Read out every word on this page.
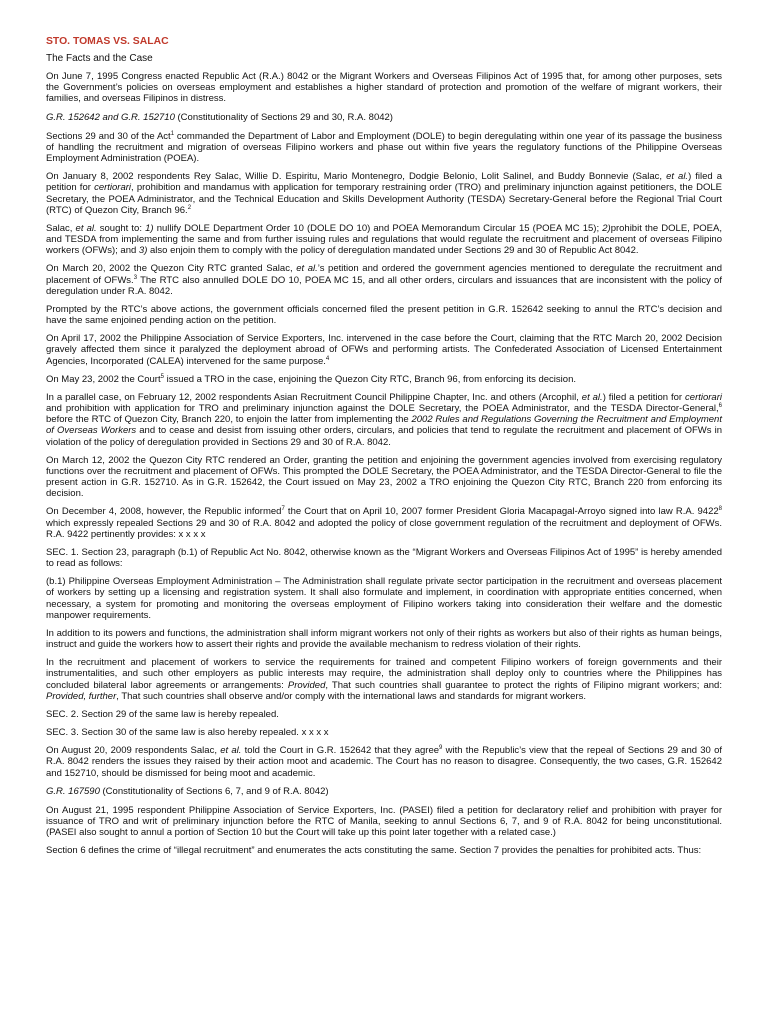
STO. TOMAS VS. SALAC
The Facts and the Case

On June 7, 1995 Congress enacted Republic Act (R.A.) 8042 or the Migrant Workers and Overseas Filipinos Act of 1995 that, for among other purposes, sets the Government’s policies on overseas employment and establishes a higher standard of protection and promotion of the welfare of migrant workers, their families, and overseas Filipinos in distress.

G.R. 152642 and G.R. 152710 (Constitutionality of Sections 29 and 30, R.A. 8042)

Sections 29 and 30 of the Act$^1$ commanded the Department of Labor and Employment (DOLE) to begin deregulating within one year of its passage the business of handling the recruitment and migration of overseas Filipino workers and phase out within five years the regulatory functions of the Philippine Overseas Employment Administration (POEA).

On January 8, 2002 respondents Rey Salac, Willie D. Espiritu, Mario Montenegro, Dodgie Belonio, Lolit Salinel, and Buddy Bonnevie (Salac, et al.) filed a petition for certiorari, prohibition and mandamus with application for temporary restraining order (TRO) and preliminary injunction against petitioners, the DOLE Secretary, the POEA Administrator, and the Technical Education and Skills Development Authority (TESDA) Secretary-General before the Regional Trial Court (RTC) of Quezon City, Branch 96.$^2$

Salac, et al. sought to: 1) nullify DOLE Department Order 10 (DOLE DO 10) and POEA Memorandum Circular 15 (POEA MC 15); 2)prohibit the DOLE, POEA, and TESDA from implementing the same and from further issuing rules and regulations that would regulate the recruitment and placement of overseas Filipino workers (OFWs); and 3) also enjoin them to comply with the policy of deregulation mandated under Sections 29 and 30 of Republic Act 8042.

On March 20, 2002 the Quezon City RTC granted Salac, et al.’s petition and ordered the government agencies mentioned to deregulate the recruitment and placement of OFWs.$^3$ The RTC also annulled DOLE DO 10, POEA MC 15, and all other orders, circulars and issuances that are inconsistent with the policy of deregulation under R.A. 8042.

Prompted by the RTC’s above actions, the government officials concerned filed the present petition in G.R. 152642 seeking to annul the RTC’s decision and have the same enjoined pending action on the petition.

On April 17, 2002 the Philippine Association of Service Exporters, Inc. intervened in the case before the Court, claiming that the RTC March 20, 2002 Decision gravely affected them since it paralyzed the deployment abroad of OFWs and performing artists. The Confederated Association of Licensed Entertainment Agencies, Incorporated (CALEA) intervened for the same purpose.$^4$

On May 23, 2002 the Court$^5$ issued a TRO in the case, enjoining the Quezon City RTC, Branch 96, from enforcing its decision.

In a parallel case, on February 12, 2002 respondents Asian Recruitment Council Philippine Chapter, Inc. and others (Arcophil, et al.) filed a petition for certiorari and prohibition with application for TRO and preliminary injunction against the DOLE Secretary, the POEA Administrator, and the TESDA Director-General,$^6$ before the RTC of Quezon City, Branch 220, to enjoin the latter from implementing the 2002 Rules and Regulations Governing the Recruitment and Employment of Overseas Workers and to cease and desist from issuing other orders, circulars, and policies that tend to regulate the recruitment and placement of OFWs in violation of the policy of deregulation provided in Sections 29 and 30 of R.A. 8042.

On March 12, 2002 the Quezon City RTC rendered an Order, granting the petition and enjoining the government agencies involved from exercising regulatory functions over the recruitment and placement of OFWs. This prompted the DOLE Secretary, the POEA Administrator, and the TESDA Director-General to file the present action in G.R. 152710. As in G.R. 152642, the Court issued on May 23, 2002 a TRO enjoining the Quezon City RTC, Branch 220 from enforcing its decision.

On December 4, 2008, however, the Republic informed$^7$ the Court that on April 10, 2007 former President Gloria Macapagal-Arroyo signed into law R.A. 9422$^8$ which expressly repealed Sections 29 and 30 of R.A. 8042 and adopted the policy of close government regulation of the recruitment and deployment of OFWs. R.A. 9422 pertinently provides: x x x x

SEC. 1. Section 23, paragraph (b.1) of Republic Act No. 8042, otherwise known as the “Migrant Workers and Overseas Filipinos Act of 1995” is hereby amended to read as follows:

(b.1) Philippine Overseas Employment Administration – The Administration shall regulate private sector participation in the recruitment and overseas placement of workers by setting up a licensing and registration system. It shall also formulate and implement, in coordination with appropriate entities concerned, when necessary, a system for promoting and monitoring the overseas employment of Filipino workers taking into consideration their welfare and the domestic manpower requirements.

In addition to its powers and functions, the administration shall inform migrant workers not only of their rights as workers but also of their rights as human beings, instruct and guide the workers how to assert their rights and provide the available mechanism to redress violation of their rights.

In the recruitment and placement of workers to service the requirements for trained and competent Filipino workers of foreign governments and their instrumentalities, and such other employers as public interests may require, the administration shall deploy only to countries where the Philippines has concluded bilateral labor agreements or arrangements: Provided, That such countries shall guarantee to protect the rights of Filipino migrant workers; and: Provided, further, That such countries shall observe and/or comply with the international laws and standards for migrant workers.

SEC. 2. Section 29 of the same law is hereby repealed.

SEC. 3. Section 30 of the same law is also hereby repealed. x x x x

On August 20, 2009 respondents Salac, et al. told the Court in G.R. 152642 that they agree$^9$ with the Republic’s view that the repeal of Sections 29 and 30 of R.A. 8042 renders the issues they raised by their action moot and academic. The Court has no reason to disagree. Consequently, the two cases, G.R. 152642 and 152710, should be dismissed for being moot and academic.

G.R. 167590 (Constitutionality of Sections 6, 7, and 9 of R.A. 8042)

On August 21, 1995 respondent Philippine Association of Service Exporters, Inc. (PASEI) filed a petition for declaratory relief and prohibition with prayer for issuance of TRO and writ of preliminary injunction before the RTC of Manila, seeking to annul Sections 6, 7, and 9 of R.A. 8042 for being unconstitutional. (PASEI also sought to annul a portion of Section 10 but the Court will take up this point later together with a related case.)

Section 6 defines the crime of “illegal recruitment” and enumerates the acts constituting the same. Section 7 provides the penalties for prohibited acts. Thus:
